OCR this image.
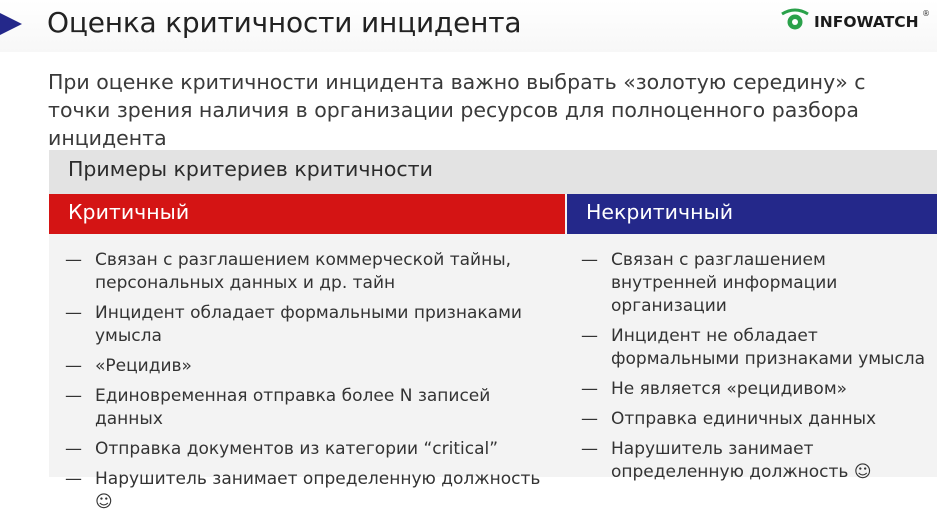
Оценка критичности инцидента	INFOWATCH ®
При оценке критичности инцидента важно выбрать «золотую середину» с точки зрения наличия в организации ресурсов для полноценного разбора инцидента
Примеры критериев критичности
Критичный	Некритичный
— Связан с разглашением коммерческой тайны, персональных данных и др. тайн
— Инцидент обладает формальными признаками умысла
— «Рецидив»
— Единовременная отправка более N записей данных
— Отправка документов из категории “critical”
— Нарушитель занимает определенную должность ☺
— Связан с разглашением внутренней информации организации
— Инцидент не обладает формальными признаками умысла
— Не является «рецидивом»
— Отправка единичных данных
— Нарушитель занимает определенную должность ☺
